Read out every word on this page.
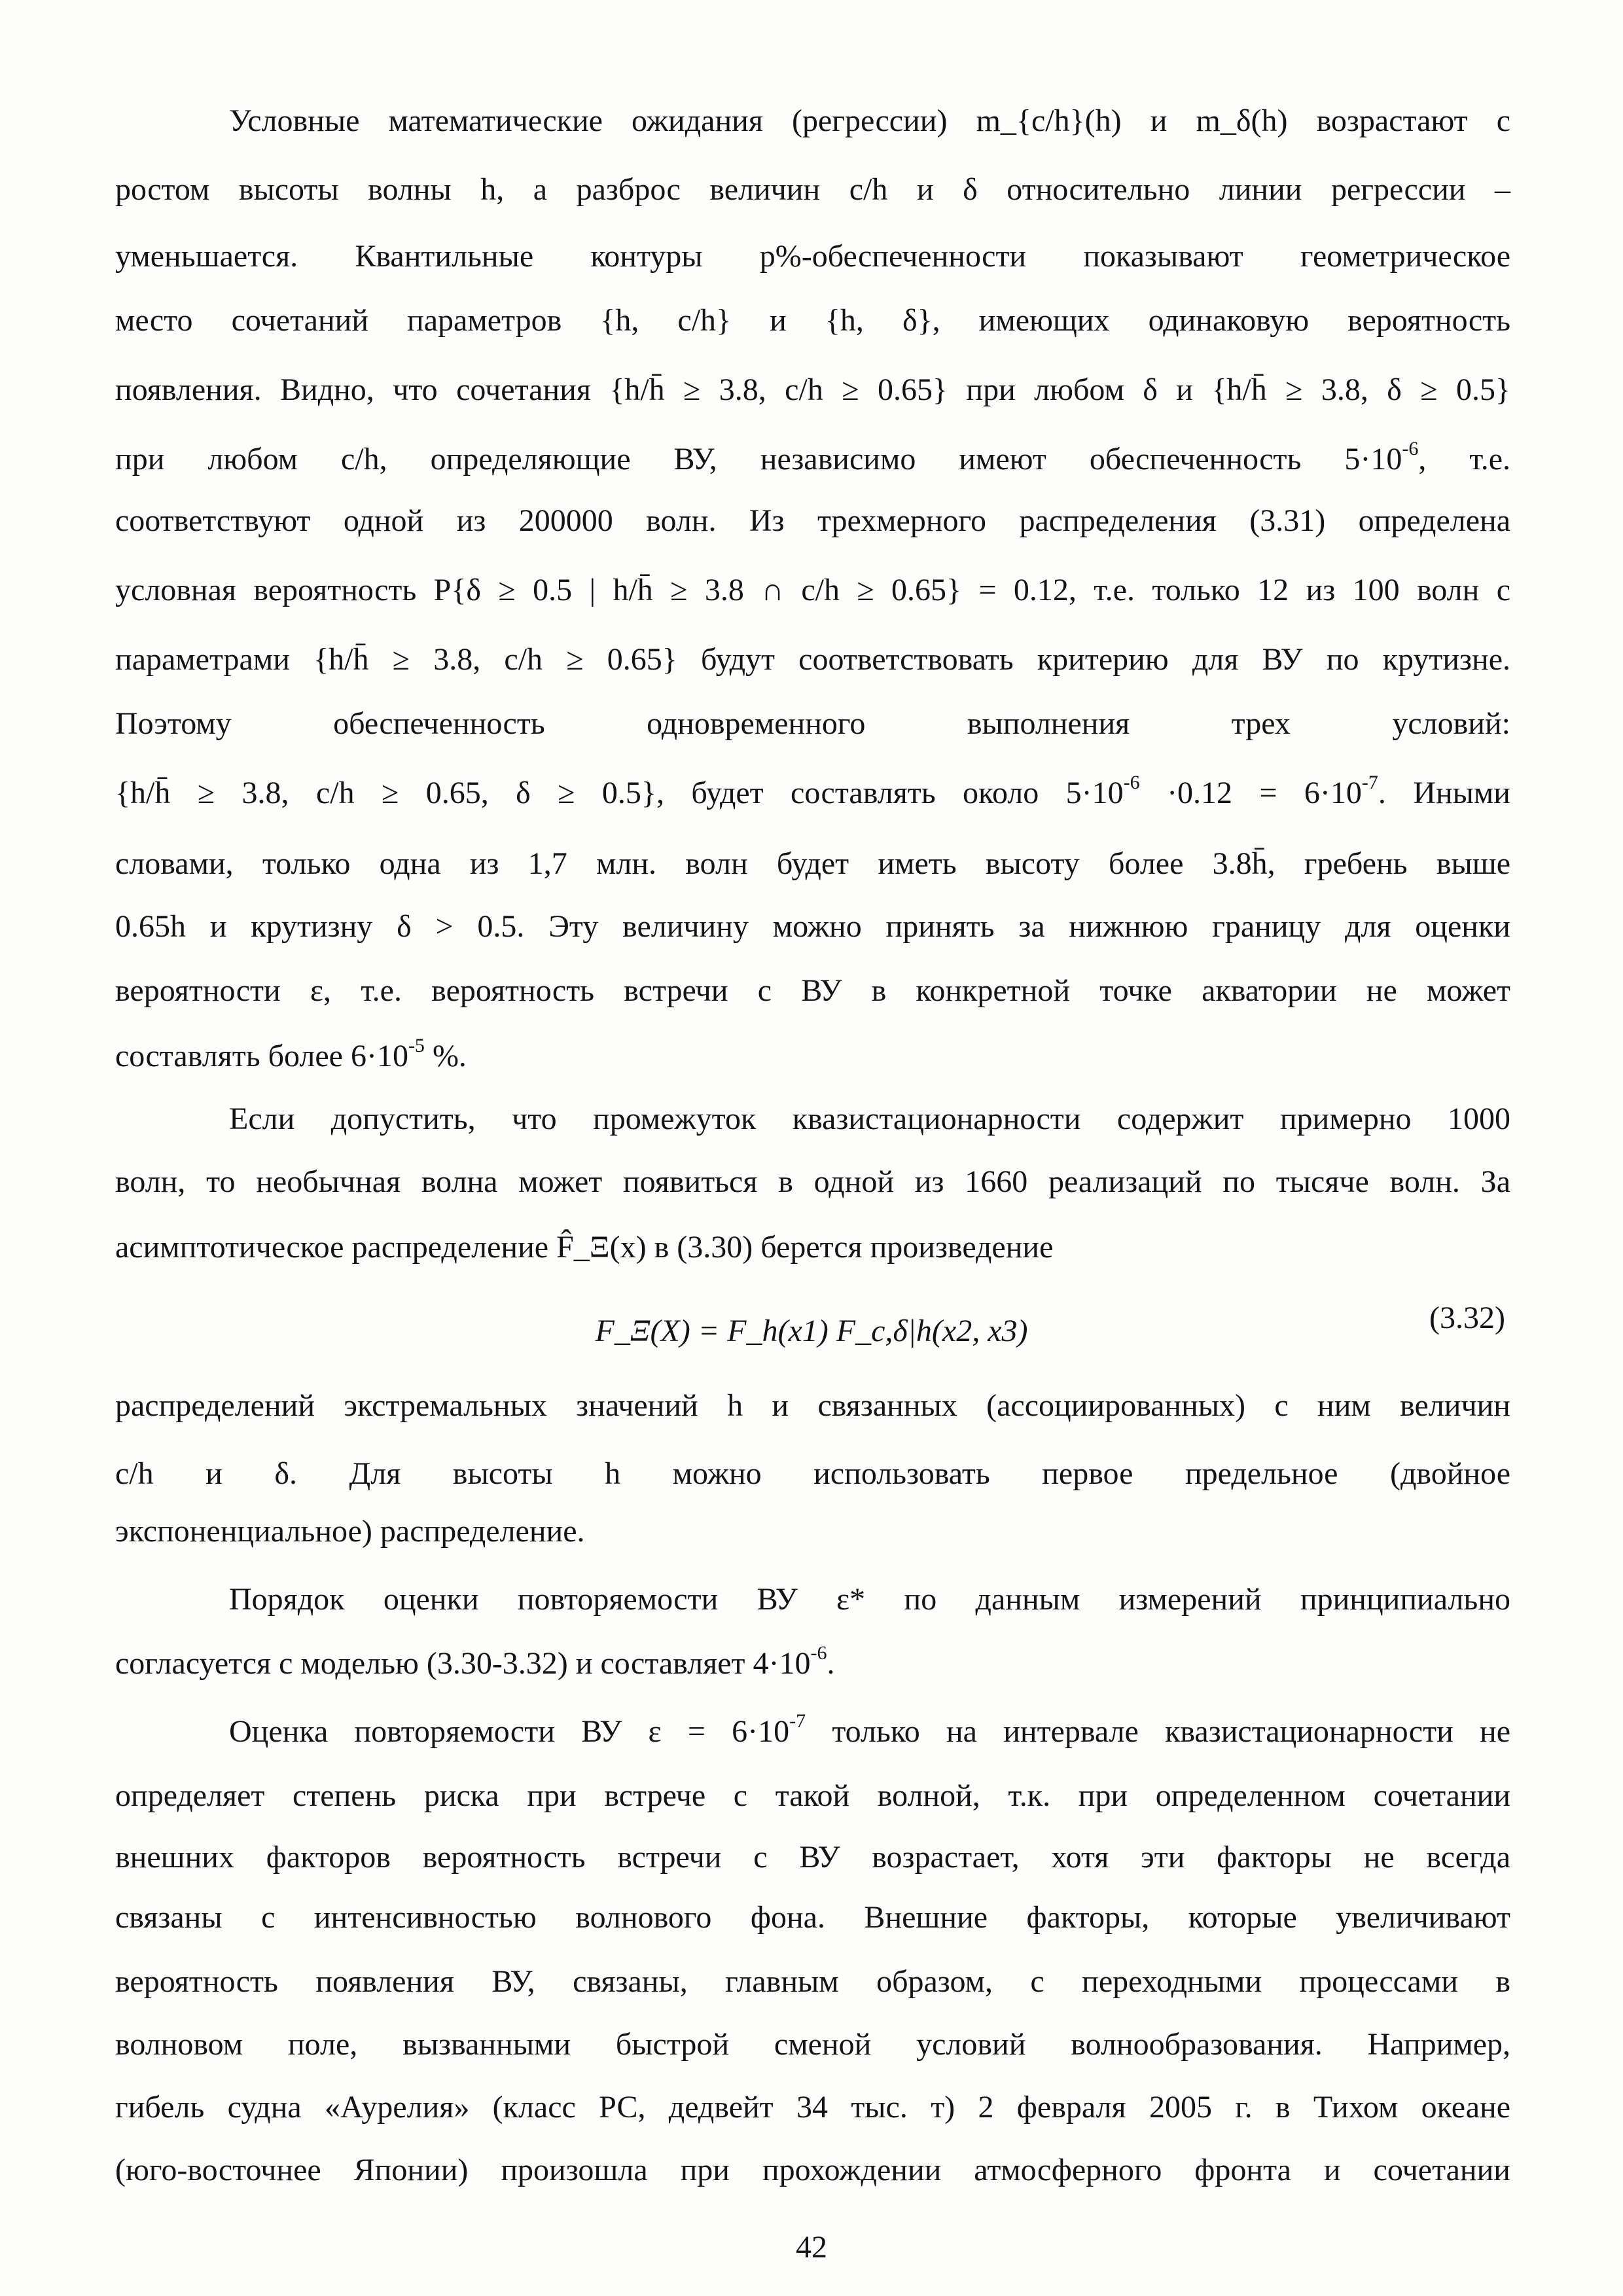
Условные математические ожидания (регрессии) m_{c/h}(h) и m_δ(h) возрастают с
ростом высоты волны h, а разброс величин c/h и δ относительно линии регрессии –
уменьшается. Квантильные контуры p%-обеспеченности показывают геометрическое
место сочетаний параметров {h, c/h} и {h, δ}, имеющих одинаковую вероятность
появления. Видно, что сочетания {h/h̄ ≥ 3.8, c/h ≥ 0.65} при любом δ и {h/h̄ ≥ 3.8, δ ≥ 0.5}
при любом c/h, определяющие ВУ, независимо имеют обеспеченность $5\cdot 10^{-6}$, т.е.
соответствуют одной из 200000 волн. Из трехмерного распределения (3.31) определена
условная вероятность P{δ ≥ 0.5 | h/h̄ ≥ 3.8 ∩ c/h ≥ 0.65} = 0.12, т.е. только 12 из 100 волн с
параметрами {h/h̄ ≥ 3.8, c/h ≥ 0.65} будут соответствовать критерию для ВУ по крутизне.
Поэтому обеспеченность одновременного выполнения трех условий:
{h/h̄ ≥ 3.8, c/h ≥ 0.65, δ ≥ 0.5}, будет составлять около $5\cdot 10^{-6} \cdot 0.12 = 6\cdot 10^{-7}$. Иными
словами, только одна из 1,7 млн. волн будет иметь высоту более 3.8h̄, гребень выше
0.65h и крутизну δ > 0.5. Эту величину можно принять за нижнюю границу для оценки
вероятности ε, т.е. вероятность встречи с ВУ в конкретной точке акватории не может
составлять более $6\cdot 10^{-5}$ %.
Если допустить, что промежуток квазистационарности содержит примерно 1000
волн, то необычная волна может появиться в одной из 1660 реализаций по тысяче волн. За
асимптотическое распределение F̂_Ξ(x) в (3.30) берется произведение
F_Ξ(X) = F_h(x1) F_c,δ|h(x2, x3)	(3.32)
распределений экстремальных значений h и связанных (ассоциированных) с ним величин
c/h и δ. Для высоты h можно использовать первое предельное (двойное
экспоненциальное) распределение.
Порядок оценки повторяемости ВУ ε* по данным измерений принципиально
согласуется с моделью (3.30-3.32) и составляет $4\cdot 10^{-6}$.
Оценка повторяемости ВУ $\varepsilon = 6\cdot 10^{-7}$ только на интервале квазистационарности не
определяет степень риска при встрече с такой волной, т.к. при определенном сочетании
внешних факторов вероятность встречи с ВУ возрастает, хотя эти факторы не всегда
связаны с интенсивностью волнового фона. Внешние факторы, которые увеличивают
вероятность появления ВУ, связаны, главным образом, с переходными процессами в
волновом поле, вызванными быстрой сменой условий волнообразования. Например,
гибель судна «Аурелия» (класс РС, дедвейт 34 тыс. т) 2 февраля 2005 г. в Тихом океане
(юго-восточнее Японии) произошла при прохождении атмосферного фронта и сочетании
42
